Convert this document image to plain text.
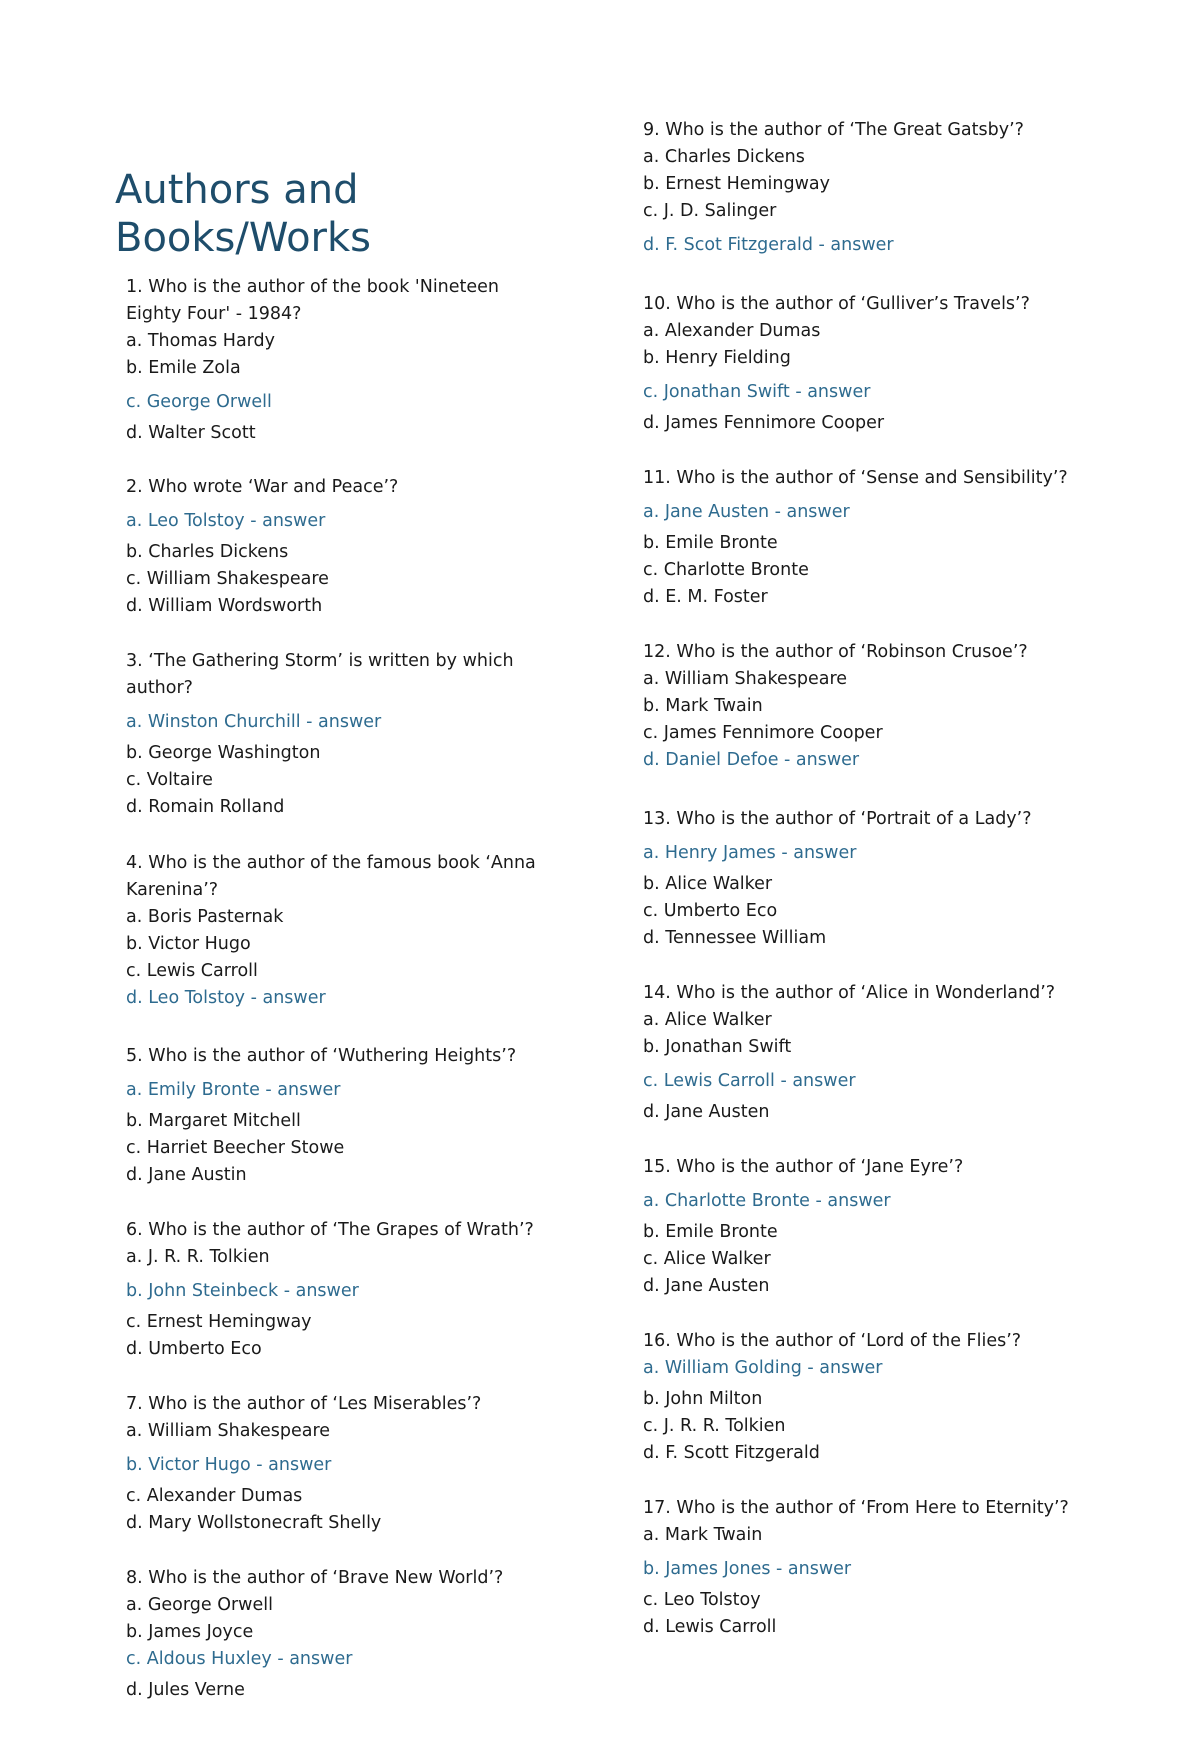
Authors and Books/Works
1. Who is the author of the book 'Nineteen Eighty Four' - 1984?
a. Thomas Hardy
b. Emile Zola
c. George Orwell
d. Walter Scott
2. Who wrote ‘War and Peace’?
a. Leo Tolstoy - answer
b. Charles Dickens
c. William Shakespeare
d. William Wordsworth
3. ‘The Gathering Storm’ is written by which author?
a. Winston Churchill - answer
b. George Washington
c. Voltaire
d. Romain Rolland
4. Who is the author of the famous book ‘Anna Karenina’?
a. Boris Pasternak
b. Victor Hugo
c. Lewis Carroll
d. Leo Tolstoy - answer
5. Who is the author of ‘Wuthering Heights’?
a. Emily Bronte - answer
b. Margaret Mitchell
c. Harriet Beecher Stowe
d. Jane Austin
6. Who is the author of ‘The Grapes of Wrath’?
a. J. R. R. Tolkien
b. John Steinbeck - answer
c. Ernest Hemingway
d. Umberto Eco
7. Who is the author of ‘Les Miserables’?
a. William Shakespeare
b. Victor Hugo - answer
c. Alexander Dumas
d. Mary Wollstonecraft Shelly
8. Who is the author of ‘Brave New World’?
a. George Orwell
b. James Joyce
c. Aldous Huxley - answer
d. Jules Verne
9. Who is the author of ‘The Great Gatsby’?
a. Charles Dickens
b. Ernest Hemingway
c. J. D. Salinger
d. F. Scot Fitzgerald - answer
10. Who is the author of ‘Gulliver’s Travels’?
a. Alexander Dumas
b. Henry Fielding
c. Jonathan Swift - answer
d. James Fennimore Cooper
11. Who is the author of ‘Sense and Sensibility’?
a. Jane Austen - answer
b. Emile Bronte
c. Charlotte Bronte
d. E. M. Foster
12. Who is the author of ‘Robinson Crusoe’?
a. William Shakespeare
b. Mark Twain
c. James Fennimore Cooper
d. Daniel Defoe - answer
13. Who is the author of ‘Portrait of a Lady’?
a. Henry James - answer
b. Alice Walker
c. Umberto Eco
d. Tennessee William
14. Who is the author of ‘Alice in Wonderland’?
a. Alice Walker
b. Jonathan Swift
c. Lewis Carroll - answer
d. Jane Austen
15. Who is the author of ‘Jane Eyre’?
a. Charlotte Bronte - answer
b. Emile Bronte
c. Alice Walker
d. Jane Austen
16. Who is the author of ‘Lord of the Flies’?
a. William Golding - answer
b. John Milton
c. J. R. R. Tolkien
d. F. Scott Fitzgerald
17. Who is the author of ‘From Here to Eternity’?
a. Mark Twain
b. James Jones - answer
c. Leo Tolstoy
d. Lewis Carroll
